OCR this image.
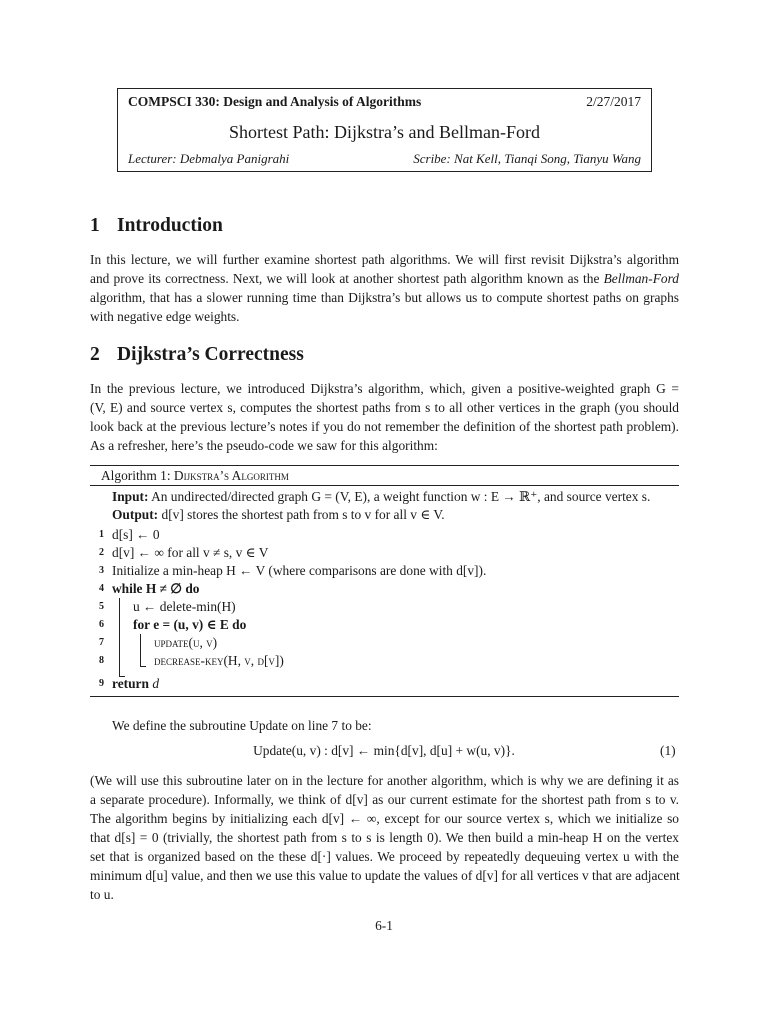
COMPSCI 330: Design and Analysis of Algorithms	2/27/2017
Shortest Path: Dijkstra’s and Bellman-Ford
Lecturer: Debmalya Panigrahi	Scribe: Nat Kell, Tianqi Song, Tianyu Wang
1 Introduction
In this lecture, we will further examine shortest path algorithms. We will first revisit Dijkstra’s algorithm
and prove its correctness. Next, we will look at another shortest path algorithm known as the Bellman-Ford
algorithm, that has a slower running time than Dijkstra’s but allows us to compute shortest paths on graphs
with negative edge weights.
2 Dijkstra’s Correctness
In the previous lecture, we introduced Dijkstra’s algorithm, which, given a positive-weighted graph G =
(V, E) and source vertex s, computes the shortest paths from s to all other vertices in the graph (you should
look back at the previous lecture’s notes if you do not remember the definition of the shortest path problem).
As a refresher, here’s the pseudo-code we saw for this algorithm:
Algorithm 1: Dijkstra’s Algorithm
Input: An undirected/directed graph G = (V, E), a weight function w : E → ℝ⁺, and source vertex s.
Output: d[v] stores the shortest path from s to v for all v ∈ V.
1 d[s] ← 0
2 d[v] ← ∞ for all v ≠ s, v ∈ V
3 Initialize a min-heap H ← V (where comparisons are done with d[v]).
4 while H ≠ ∅ do
5 u ← delete-min(H)
6 for e = (u, v) ∈ E do
7	update(u, v)
8	decrease-key(H, v, d[v])
9 return d
We define the subroutine Update on line 7 to be:
Update(u, v) : d[v] ← min{d[v], d[u] + w(u, v)}.	(1)
(We will use this subroutine later on in the lecture for another algorithm, which is why we are defining it as
a separate procedure). Informally, we think of d[v] as our current estimate for the shortest path from s to v.
The algorithm begins by initializing each d[v] ← ∞, except for our source vertex s, which we initialize so
that d[s] = 0 (trivially, the shortest path from s to s is length 0). We then build a min-heap H on the vertex
set that is organized based on the these d[·] values. We proceed by repeatedly dequeuing vertex u with the
minimum d[u] value, and then we use this value to update the values of d[v] for all vertices v that are adjacent
to u.
6-1
